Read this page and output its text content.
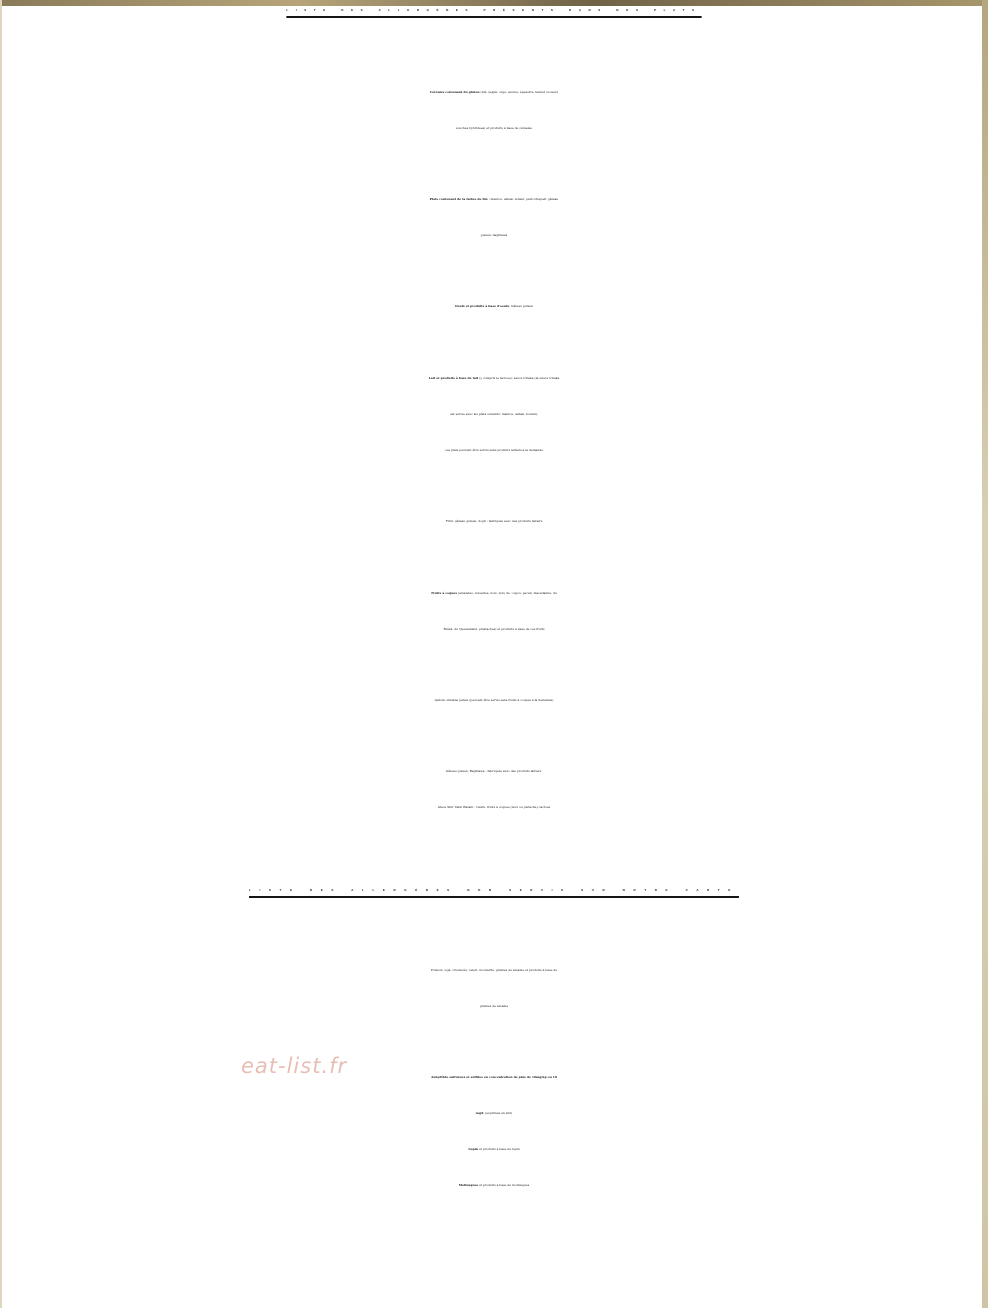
LISTE DES ALLERGÈNES PRÉSENTS DANS NOS PLATS
Céréales contenant du gluten (blé, seigle, orge, avoine, épeautre, kamut ou leurs
souches hybridées) et produits à base de céréales
Plats contenant de la farine de blé : mantou, ashak, bolani, pain tchapati, gâteau
gulsen, baghlawa
Oeufs et produits à base d'oeufs: Gâteau gulsen
Lait et produits à base de lait (y compris le lactose): sauce tchaka (la sauce tchaka
est servie avec les plats suivants: mantou, ashak, borani).
ces plats peuvent être servis sans produits laitiers à la demande
Firni, gâteau gulsen, dogh : fabriqués avec des produits laitiers
Fruits à coques (amandes, noisettes, noix, noix de : cajou, pécan, macadamia, du
Brésil, du Queensland, pinstaches) et produits à base de ces fruits
Qabuli, simiane palaw (peuvent être servis sans fruits à coques à la demande)
Gâteau gulsen, Baghlawa : fabriqués avec des produits laitiers.
Glace Shir Yakh Watani : Oeufs, fruits à coques (noix ou pistache), lactose
LISTE DES ALLERGÈNES NON SERVIS SUR NOTRE CARTE
Poisson, soja, crustacés, celeri, moutarde, graines de sésame et produits à base de
graines de sésame
Anhydride sulfureux et sulfites en concentration de plus de 10mg/kg ou 10
mg/L (exprimés en s02)
Lupin et produits à base de lupin
Mollusques et produits à base de mollusques
eat-list.fr
